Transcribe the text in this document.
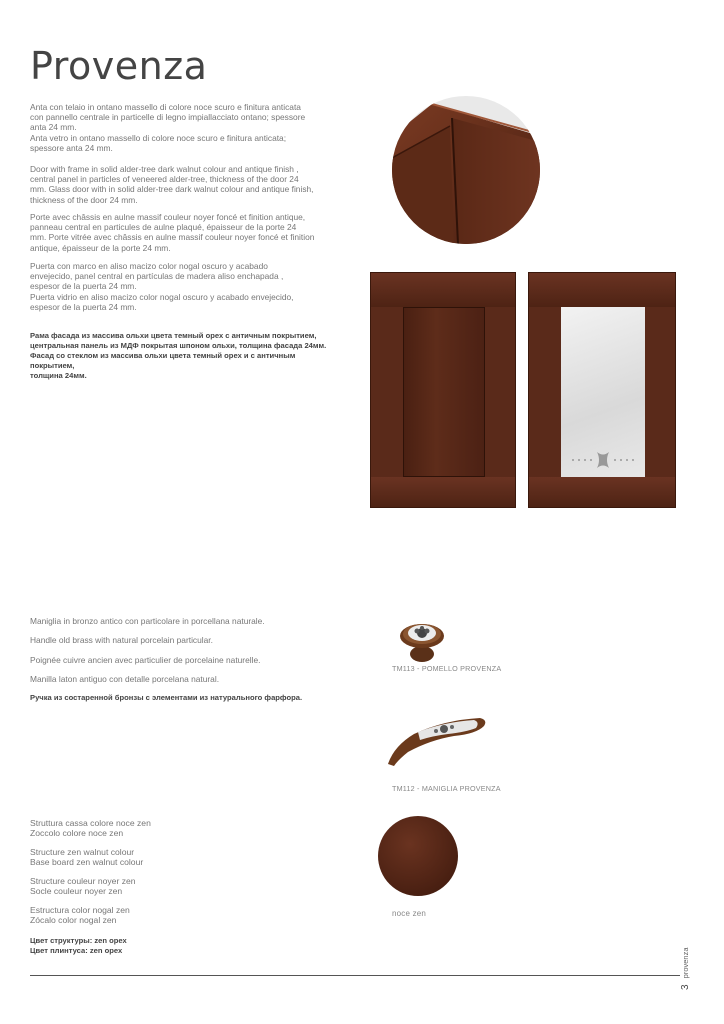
Provenza
Anta con telaio in ontano massello di colore noce scuro e finitura anticata
con pannello centrale in particelle di legno impiallacciato ontano; spessore
anta 24 mm.
Anta vetro in ontano massello di colore noce scuro e finitura anticata;
spessore anta 24 mm.
Door with frame in solid alder-tree dark walnut colour and antique finish ,
central panel in particles of veneered alder-tree, thickness of the door 24
mm. Glass door with in solid alder-tree dark walnut colour and antique finish,
thickness of the door 24 mm.
Porte avec châssis en aulne massif couleur noyer foncé et finition antique,
panneau central en particules de aulne plaqué, épaisseur de la porte 24
mm. Porte vitrée avec châssis en aulne massif couleur noyer foncé et finition
antique, épaisseur de la porte 24 mm.
Puerta con marco en aliso macizo color nogal oscuro y acabado
envejecido, panel central en partículas de madera aliso enchapada ,
espesor de la puerta 24 mm.
Puerta vidrio en aliso macizo color nogal oscuro y acabado envejecido,
espesor de la puerta 24 mm.
Рама фасада из массива ольхи цвета темный орех с античным покрытием,
центральная панель из МДФ покрытая шпоном ольхи, толщина фасада 24мм.
Фасад со стеклом из массива ольхи цвета темный орех и с античным покрытием,
толщина 24мм.

Maniglia in bronzo antico con particolare in porcellana naturale.

Handle old brass with natural porcelain particular.

Poignée cuivre ancien avec particulier de porcelaine naturelle.

Manilla laton antiguo con detalle porcelana natural.

Ручка из состаренной бронзы с элементами из натурального фарфора.

TM113 - POMELLO PROVENZA
TM112 - MANIGLIA PROVENZA
Struttura cassa colore noce zen
Zoccolo colore noce zen
Structure zen walnut colour
Base board zen walnut colour
Structure couleur noyer zen
Socle couleur noyer zen
Estructura color nogal zen
Zócalo color nogal zen
Цвет структуры: zen орех
Цвет плинтуса: zen орех
noce zen
3 provenza
